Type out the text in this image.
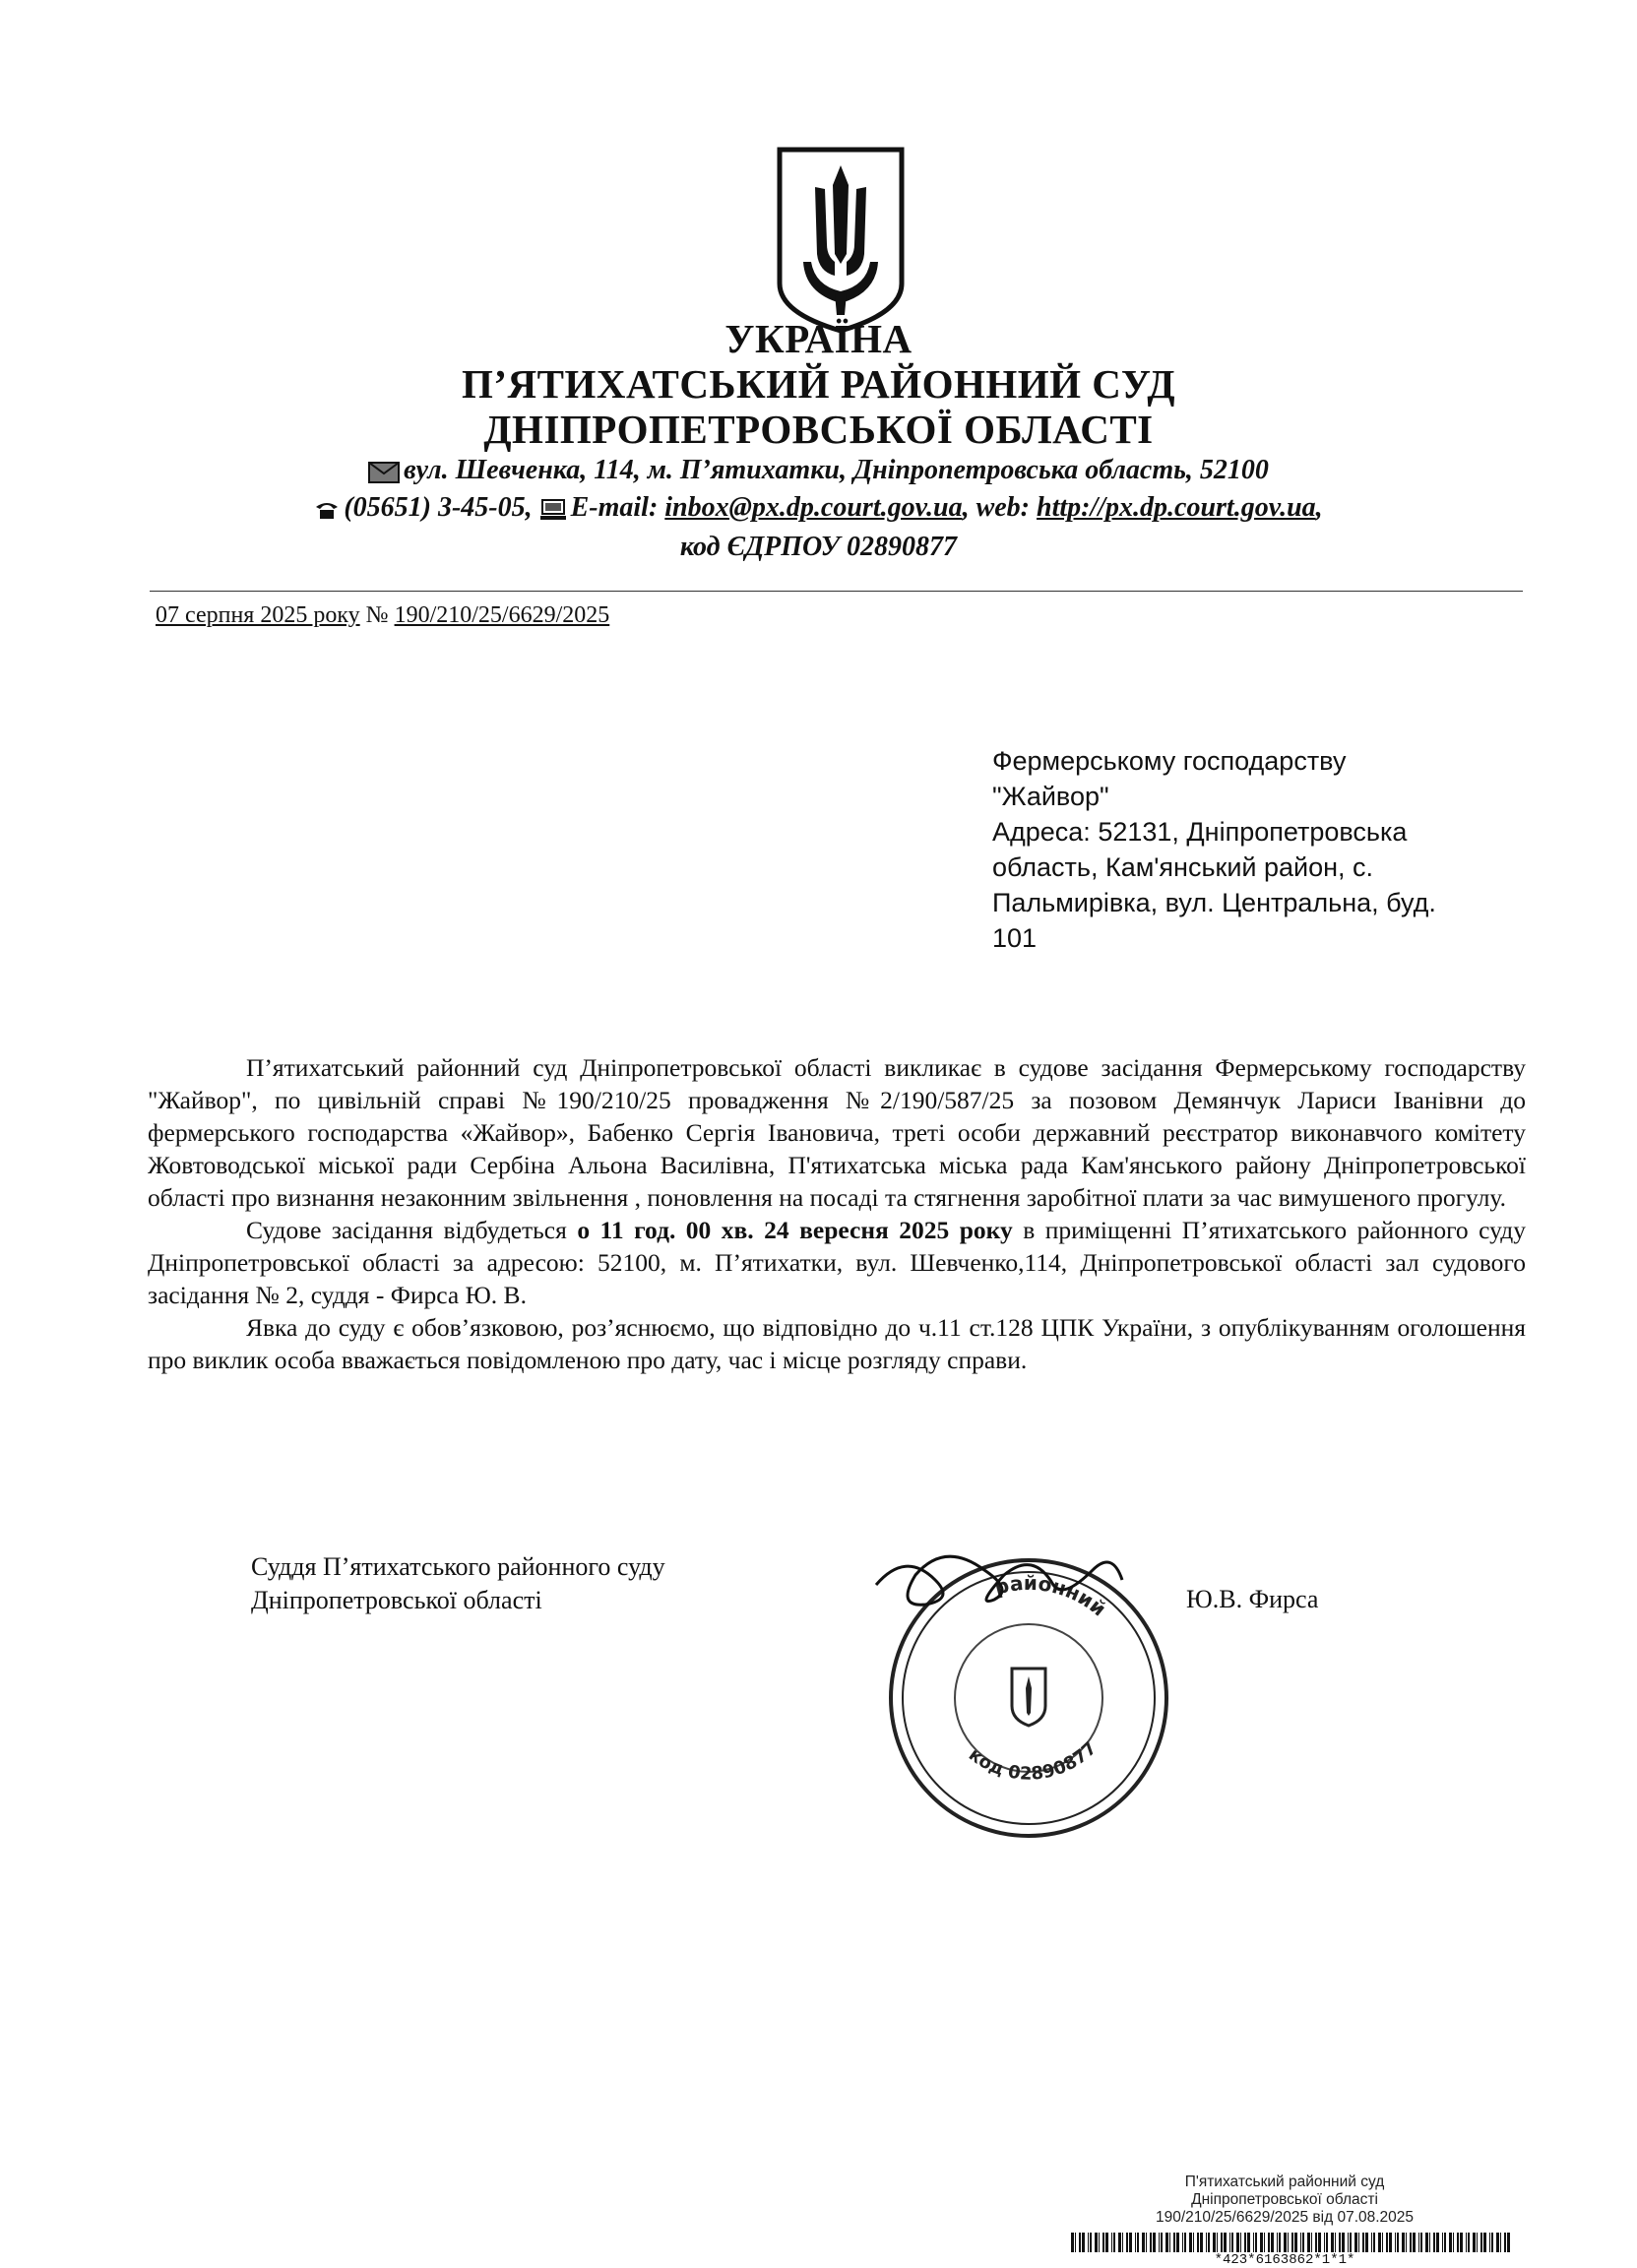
УКРАЇНА
П’ЯТИХАТСЬКИЙ РАЙОННИЙ СУД
ДНІПРОПЕТРОВСЬКОЇ ОБЛАСТІ
вул. Шевченка, 114, м. П’ятихатки, Дніпропетровська область, 52100
(05651) 3-45-05, E-mail: inbox@px.dp.court.gov.ua, web: http://px.dp.court.gov.ua,
код ЄДРПОУ 02890877
07 серпня 2025 року № 190/210/25/6629/2025
Фермерському господарству
"Жайвор"
Адреса: 52131, Дніпропетровська
область, Кам'янський район, с.
Пальмирівка, вул. Центральна, буд.
101

П’ятихатський районний суд Дніпропетровської області викликає в судове засідання Фермерському господарству "Жайвор", по цивільній справі №190/210/25 провадження №2/190/587/25 за позовом Демянчук Лариси Іванівни до фермерського господарства «Жайвор», Бабенко Сергія Івановича, треті особи державний реєстратор виконавчого комітету Жовтоводської міської ради Сербіна Альона Василівна, П'ятихатська міська рада Кам'янського району Дніпропетровської області про визнання незаконним звільнення , поновлення на посаді та стягнення заробітної плати за час вимушеного прогулу.

Судове засідання відбудеться о 11 год. 00 хв. 24 вересня 2025 року в приміщенні П’ятихатського районного суду Дніпропетровської області за адресою: 52100, м. П’ятихатки, вул. Шевченко,114, Дніпропетровської області зал судового засідання № 2, суддя - Фирса Ю. В.

Явка до суду є обов’язковою, роз’яснюємо, що відповідно до ч.11 ст.128 ЦПК України, з опублікуванням оголошення про виклик особа вважається повідомленою про дату, час і місце розгляду справи.

Суддя П’ятихатського районного суду
Дніпропетровської області	районний
код 02890877
Ю.В. Фирса
П'ятихатський районний суд
Дніпропетровської області
190/210/25/6629/2025 від 07.08.2025
*423*6163862*1*1*
